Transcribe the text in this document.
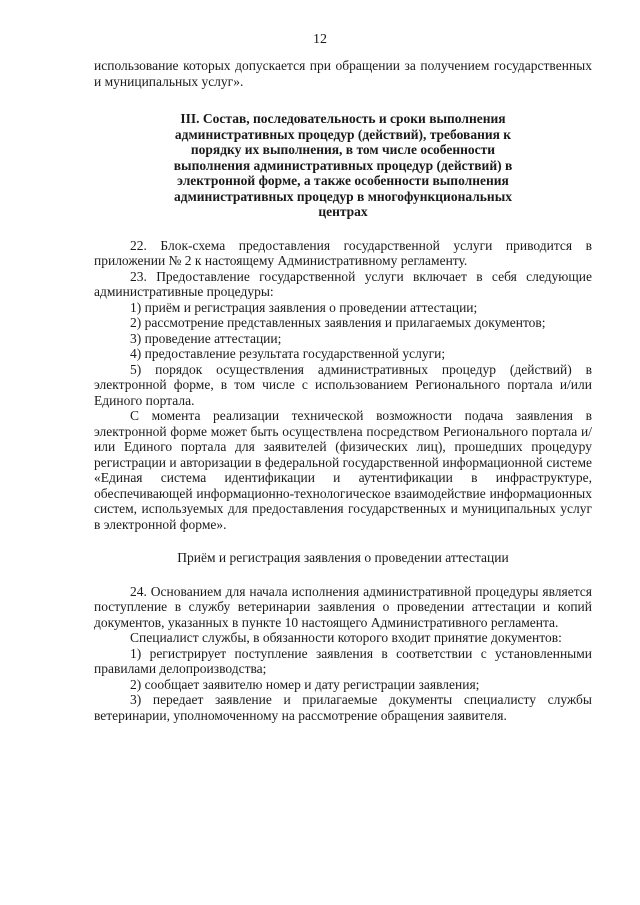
12

использование которых допускается при обращении за получением государственных и муниципальных услуг».

III. Состав, последовательность и сроки выполнения административных процедур (действий), требования к порядку их выполнения, в том числе особенности выполнения административных процедур (действий) в электронной форме, а также особенности выполнения административных процедур в многофункциональных центрах

22. Блок-схема предоставления государственной услуги приводится в приложении № 2 к настоящему Административному регламенту.

23. Предоставление государственной услуги включает в себя следующие административные процедуры:

1) приём и регистрация заявления о проведении аттестации;

2) рассмотрение представленных заявления и прилагаемых документов;

3) проведение аттестации;

4) предоставление результата государственной услуги;

5) порядок осуществления административных процедур (действий) в электронной форме, в том числе с использованием Регионального портала и/или Единого портала.

С момента реализации технической возможности подача заявления в электронной форме может быть осуществлена посредством Регионального портала и/или Единого портала для заявителей (физических лиц), прошедших процедуру регистрации и авторизации в федеральной государственной информационной системе «Единая система идентификации и аутентификации в инфраструктуре, обеспечивающей информационно-технологическое взаимодействие информационных систем, используемых для предоставления государственных и муниципальных услуг в электронной форме».

Приём и регистрация заявления о проведении аттестации

24. Основанием для начала исполнения административной процедуры является поступление в службу ветеринарии заявления о проведении аттестации и копий документов, указанных в пункте 10 настоящего Административного регламента.

Специалист службы, в обязанности которого входит принятие документов:

1) регистрирует поступление заявления в соответствии с установленными правилами делопроизводства;

2) сообщает заявителю номер и дату регистрации заявления;

3) передает заявление и прилагаемые документы специалисту службы ветеринарии, уполномоченному на рассмотрение обращения заявителя.
